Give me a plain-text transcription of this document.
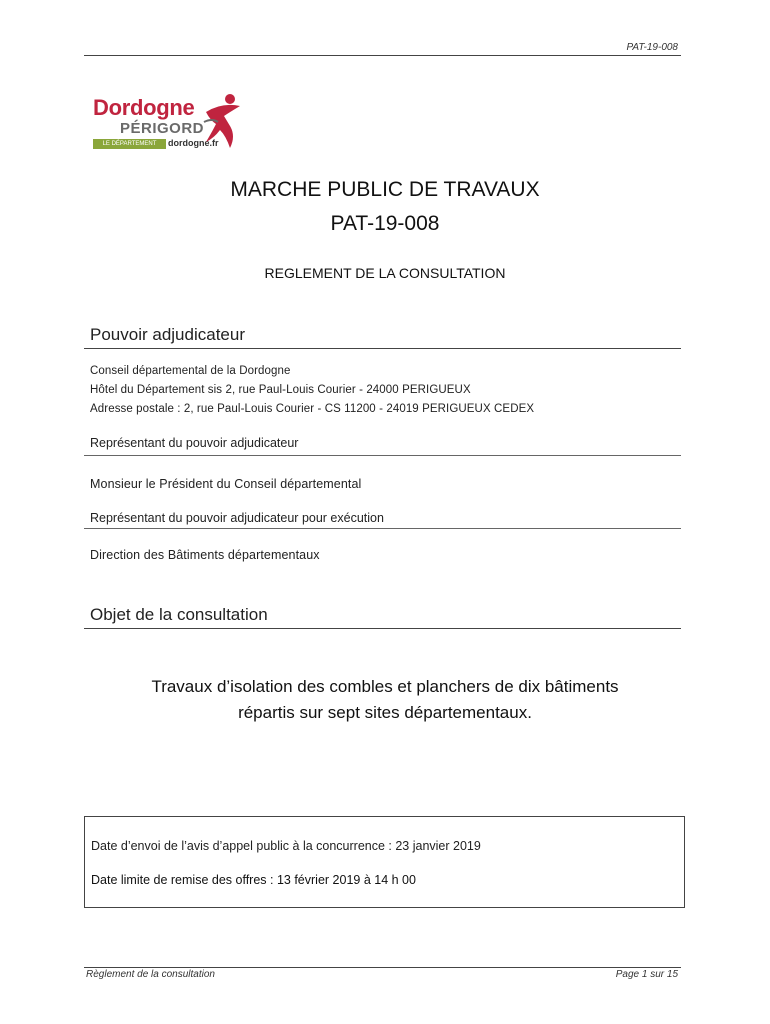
PAT-19-008
Dordogne
PÉRIGORD
LE DÉPARTEMENT	dordogne.fr
MARCHE PUBLIC DE TRAVAUX
PAT-19-008
REGLEMENT DE LA CONSULTATION
Pouvoir adjudicateur
Conseil départemental de la Dordogne
Hôtel du Département sis 2, rue Paul-Louis Courier - 24000 PERIGUEUX
Adresse postale : 2, rue Paul-Louis Courier - CS 11200 - 24019 PERIGUEUX CEDEX
Représentant du pouvoir adjudicateur
Monsieur le Président du Conseil départemental
Représentant du pouvoir adjudicateur pour exécution
Direction des Bâtiments départementaux
Objet de la consultation
Travaux d’isolation des combles et planchers de dix bâtiments
répartis sur sept sites départementaux.
Date d’envoi de l’avis d’appel public à la concurrence : 23 janvier 2019
Date limite de remise des offres : 13 février 2019 à 14 h 00
Règlement de la consultation	Page 1 sur 15
